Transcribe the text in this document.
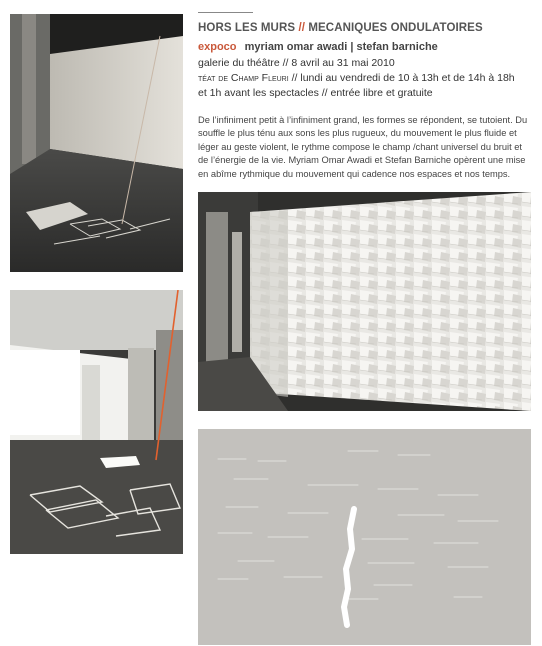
HORS LES MURS // MECANIQUES ONDULATOIRES
expoco myriam omar awadi | stefan barniche
galerie du théâtre // 8 avril au 31 mai 2010
téat de Champ Fleuri // lundi au vendredi de 10 à 13h et de 14h à 18h
et 1h avant les spectacles // entrée libre et gratuite

De l’infiniment petit à l’infiniment grand, les formes se répondent, se tutoient. Du souffle le plus ténu aux sons les plus rugueux, du mouvement le plus fluide et léger au geste violent, le rythme compose le champ /chant universel du bruit et de l’énergie de la vie. Myriam Omar Awadi et Stefan Barniche opèrent une mise en abîme rythmique du mouvement qui cadence nos espaces et nos temps.
